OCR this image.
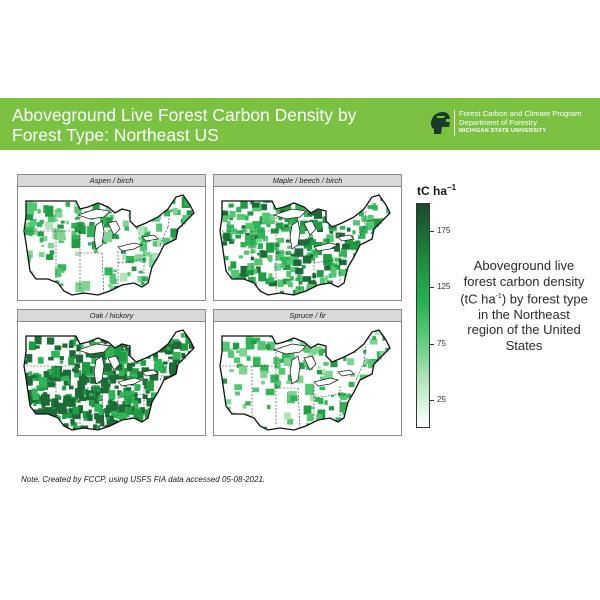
Aboveground Live Forest Carbon Density by Forest Type: Northeast US
Forest Carbon and Climate Program
Department of Forestry
MICHIGAN STATE UNIVERSITY
Aspen / birch	Maple / beech / birch
Oak / hickory	Spruce / fir
tC $ha^{-1}$
175
125
75
25
Aboveground live forest carbon density (tC $ha^{-1}$) by forest type in the Northeast region of the United States
Note. Created by FCCP, using USFS FIA data accessed 05-08-2021.
